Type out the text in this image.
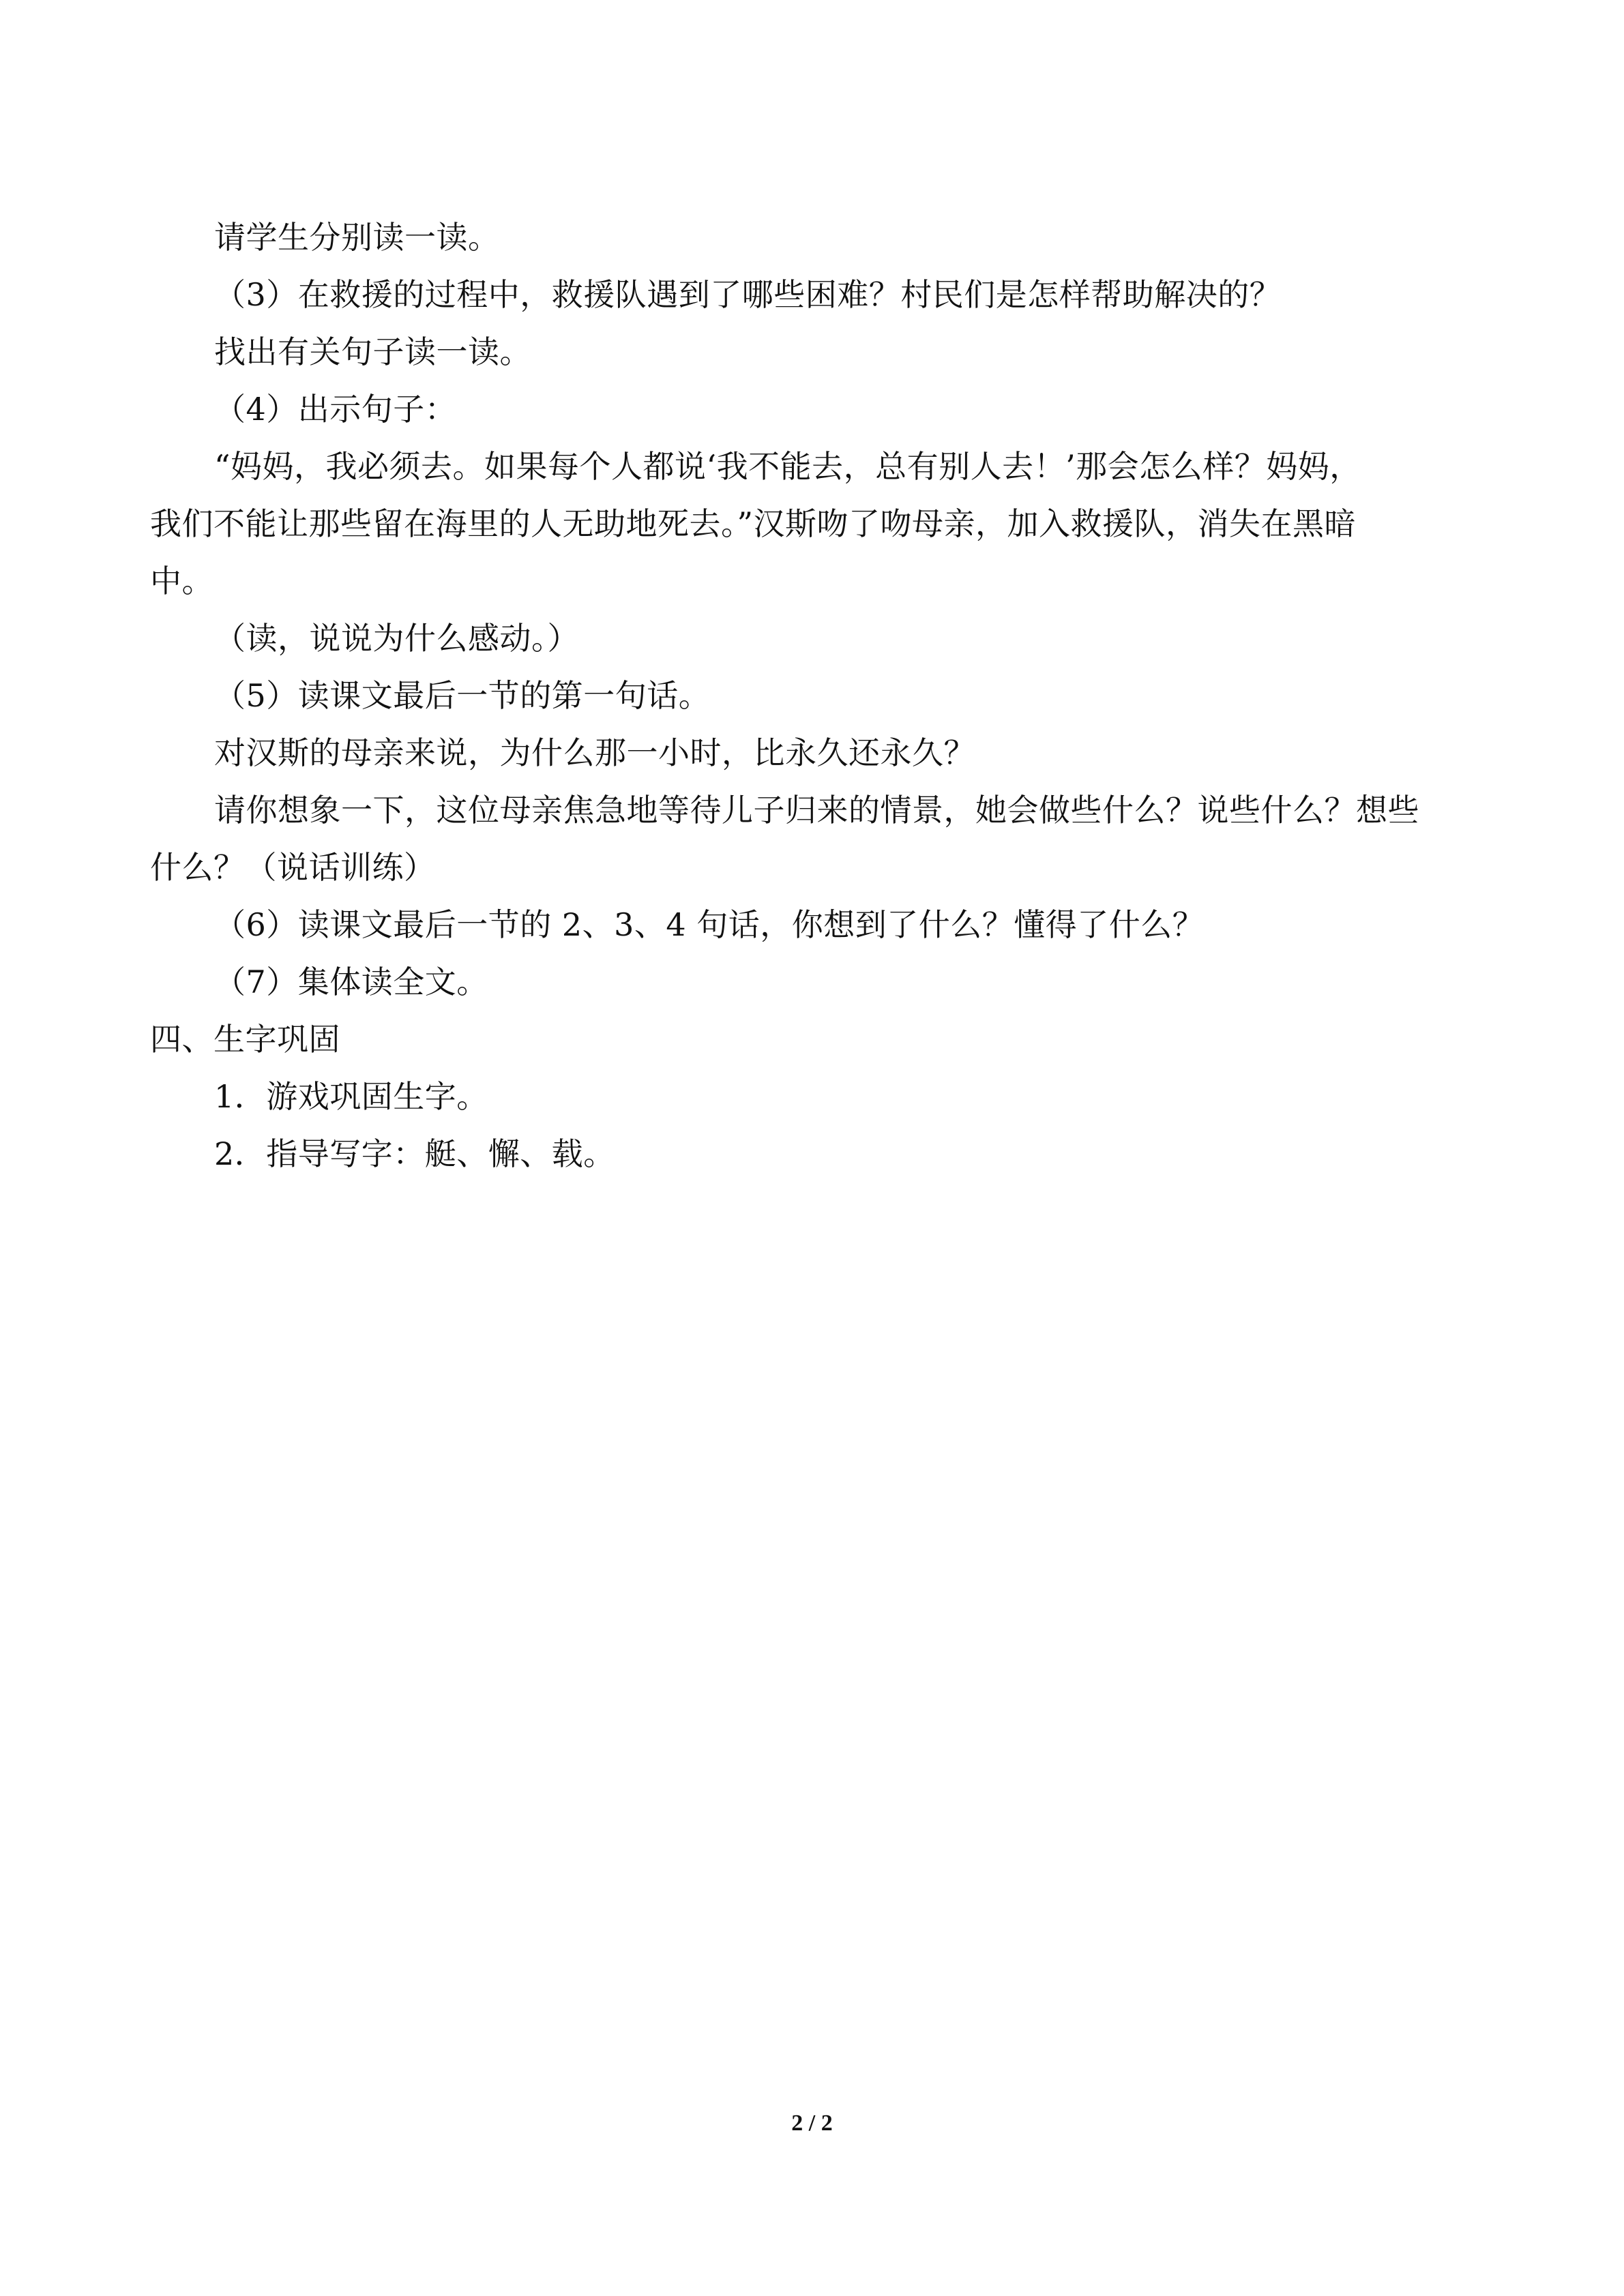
请学生分别读一读。

（3）在救援的过程中，救援队遇到了哪些困难？村民们是怎样帮助解决的？

找出有关句子读一读。

（4）出示句子：

“妈妈，我必须去。如果每个人都说‘我不能去，总有别人去！’那会怎么样？妈妈，

我们不能让那些留在海里的人无助地死去。”汉斯吻了吻母亲，加入救援队，消失在黑暗

中。

（读，说说为什么感动。）

（5）读课文最后一节的第一句话。

对汉斯的母亲来说，为什么那一小时，比永久还永久？

请你想象一下，这位母亲焦急地等待儿子归来的情景，她会做些什么？说些什么？想些

什么？（说话训练）

（6）读课文最后一节的 2、3、4 句话，你想到了什么？懂得了什么？

（7）集体读全文。

四、生字巩固

1．游戏巩固生字。

2．指导写字：艇、懈、载。

2 / 2
